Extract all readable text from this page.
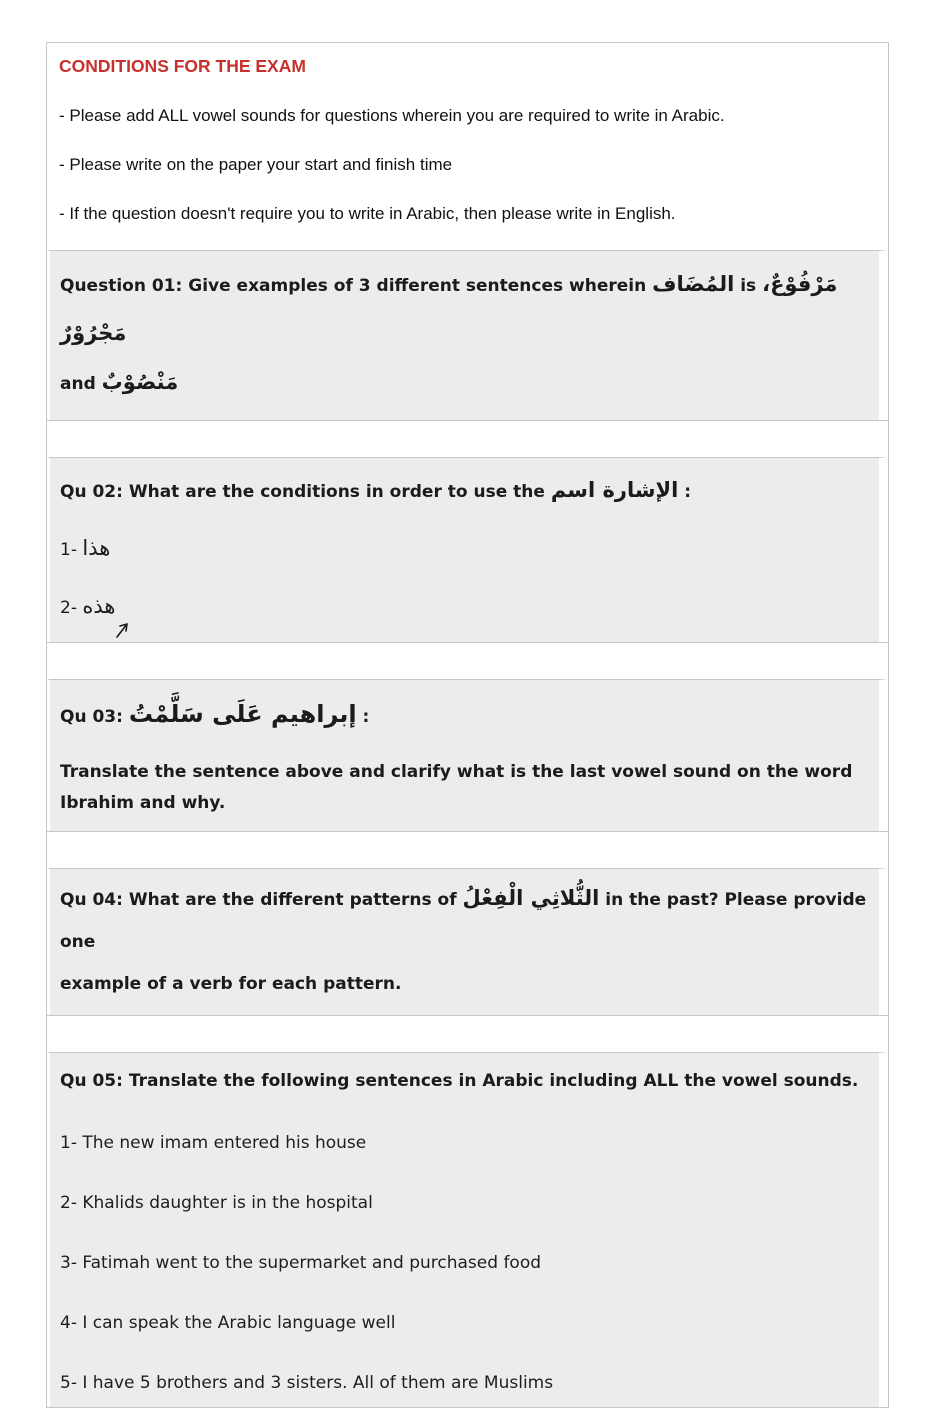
CONDITIONS FOR THE EXAM

- Please add ALL vowel sounds for questions wherein you are required to write in Arabic.

- Please write on the paper your start and finish time

- If the question doesn't require you to write in Arabic, then please write in English.

Question 01: Give examples of 3 different sentences wherein المُضَاف is مَرْفُوْعٌ، مَجْرُوْرٌ
and مَنْصُوْبٌ

Qu 02: What are the conditions in order to use the اسم الإشارة :

1- هذا

2- هذه

Qu 03: سَلَّمْتُ عَلَى إبراهيم :

Translate the sentence above and clarify what is the last vowel sound on the word Ibrahim and why.

Qu 04: What are the different patterns of الْفِعْلُ الثُّلاثِي in the past? Please provide one
example of a verb for each pattern.

Qu 05: Translate the following sentences in Arabic including ALL the vowel sounds.

1- The new imam entered his house

2- Khalids daughter is in the hospital

3- Fatimah went to the supermarket and purchased food

4- I can speak the Arabic language well

5- I have 5 brothers and 3 sisters. All of them are Muslims
